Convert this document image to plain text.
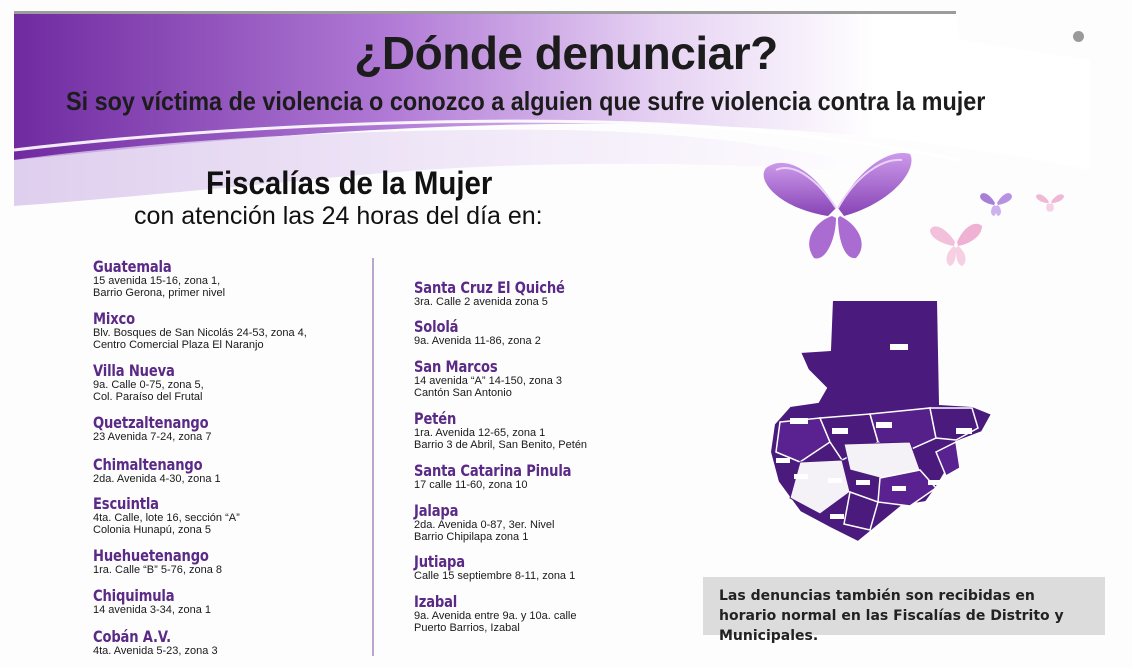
¿Dónde denunciar?
Si soy víctima de violencia o conozco a alguien que sufre violencia contra la mujer
Fiscalías de la Mujer
con atención las 24 horas del día en:
Guatemala
15 avenida 15-16, zona 1,
Barrio Gerona, primer nivel
Mixco
Blv. Bosques de San Nicolás 24-53, zona 4,
Centro Comercial Plaza El Naranjo
Villa Nueva
9a. Calle 0-75, zona 5,
Col. Paraíso del Frutal
Quetzaltenango
23 Avenida 7-24, zona 7
Chimaltenango
2da. Avenida 4-30, zona 1
Escuintla
4ta. Calle, lote 16, sección “A”
Colonia Hunapú, zona 5
Huehuetenango
1ra. Calle “B” 5-76, zona 8
Chiquimula
14 avenida 3-34, zona 1
Cobán A.V.
4ta. Avenida 5-23, zona 3
Santa Cruz El Quiché
3ra. Calle 2 avenida zona 5
Sololá
9a. Avenida 11-86, zona 2
San Marcos
14 avenida “A” 14-150, zona 3
Cantón San Antonio
Petén
1ra. Avenida 12-65, zona 1
Barrio 3 de Abril, San Benito, Petén
Santa Catarina Pinula
17 calle 11-60, zona 10
Jalapa
2da. Avenida 0-87, 3er. Nivel
Barrio Chipilapa zona 1
Jutiapa
Calle 15 septiembre 8-11, zona 1
Izabal
9a. Avenida entre 9a. y 10a. calle
Puerto Barrios, Izabal
Las denuncias también son recibidas en horario normal en las Fiscalías de Distrito y Municipales.
